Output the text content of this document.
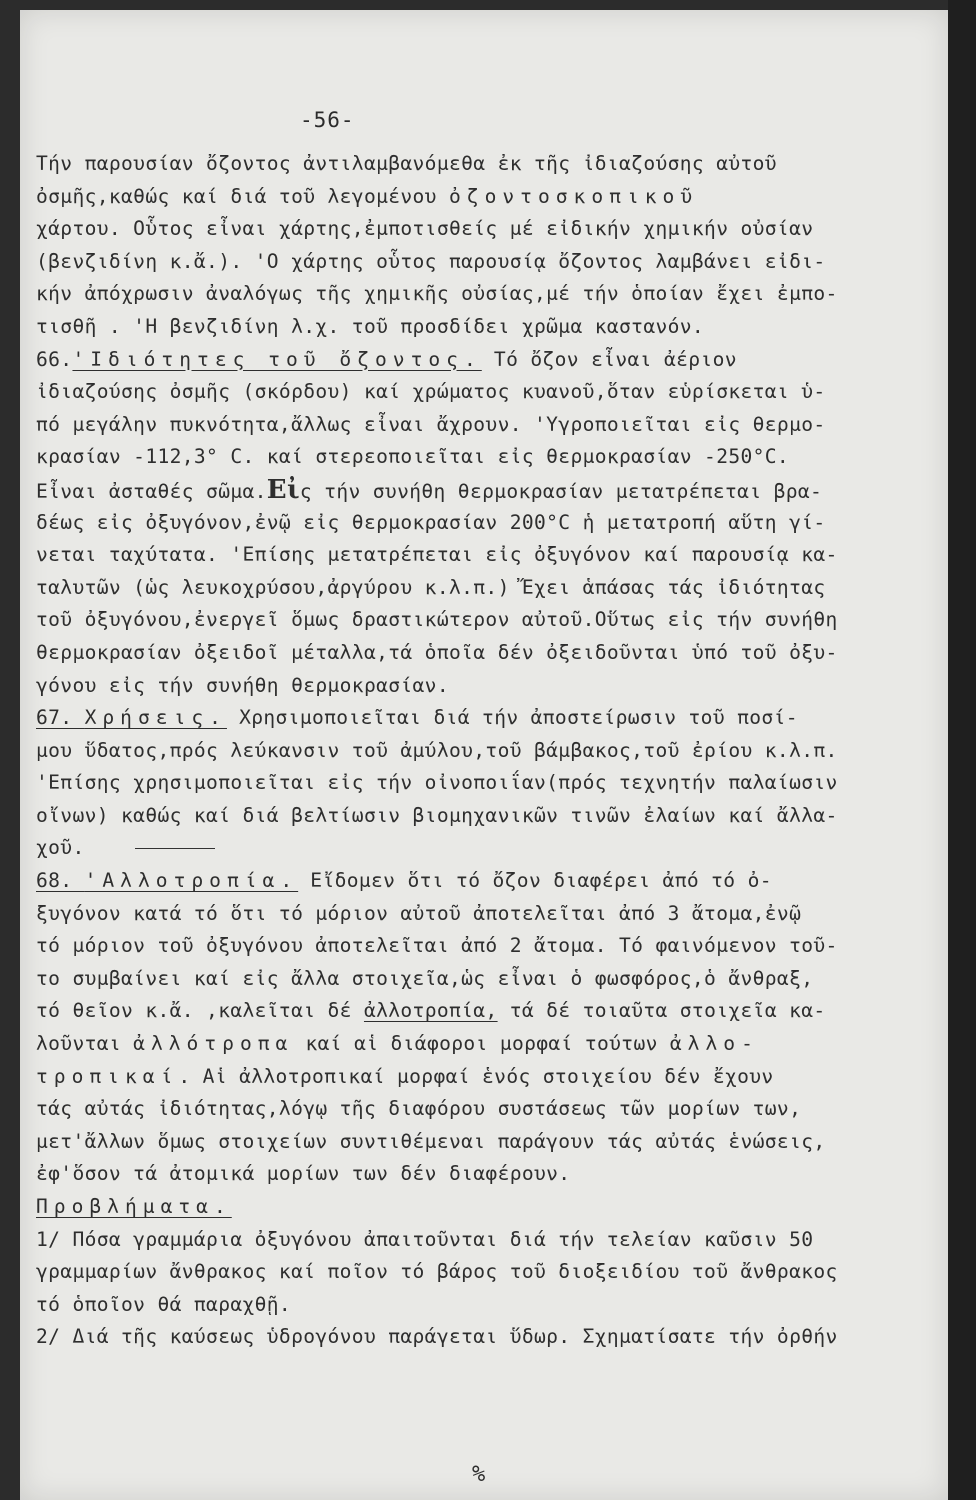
-56-
Τήν παρουσίαν ὄζοντος ἀντιλαμβανόμεθα ἐκ τῆς ἰδιαζούσης αὐτοῦ
ὀσμῆς,καθώς καί διά τοῦ λεγομένου ὀζοντοσκοπικοῦ
χάρτου. Οὗτος εἶναι χάρτης,ἐμποτισθείς μέ εἰδικήν χημικήν οὐσίαν
(βενζιδίνη κ.ἄ.). 'Ο χάρτης οὗτος παρουσίᾳ ὄζοντος λαμβάνει εἰδι-
κήν ἀπόχρωσιν ἀναλόγως τῆς χημικῆς οὐσίας,μέ τήν ὁποίαν ἔχει ἐμπο-
τισθῆ . 'Η βενζιδίνη λ.χ. τοῦ προσδίδει χρῶμα καστανόν.
66.'Ιδιότητες τοῦ ὄζοντος. Τό ὄζον εἶναι ἀέριον
ἰδιαζούσης ὀσμῆς (σκόρδου) καί χρώματος κυανοῦ,ὅταν εὑρίσκεται ὑ-
πό μεγάλην πυκνότητα,ἄλλως εἶναι ἄχρουν. 'Υγροποιεῖται εἰς θερμο-
κρασίαν -112,3° C. καί στερεοποιεῖται εἰς θερμοκρασίαν -250°C.
Εἶναι ἀσταθές σῶμα.Εἰς τήν συνήθη θερμοκρασίαν μετατρέπεται βρα-
δέως εἰς ὀξυγόνον,ἐνῷ εἰς θερμοκρασίαν 200°C ἡ μετατροπή αὕτη γί-
νεται ταχύτατα. 'Επίσης μετατρέπεται εἰς ὀξυγόνον καί παρουσίᾳ κα-
ταλυτῶν (ὡς λευκοχρύσου,ἀργύρου κ.λ.π.) Ἔχει ἁπάσας τάς ἰδιότητας
τοῦ ὀξυγόνου,ἐνεργεῖ ὅμως δραστικώτερον αὐτοῦ.Οὕτως εἰς τήν συνήθη
θερμοκρασίαν ὀξειδοῖ μέταλλα,τά ὁποῖα δέν ὀξειδοῦνται ὑπό τοῦ ὀξυ-
γόνου εἰς τήν συνήθη θερμοκρασίαν.
67. Χρήσεις. Χρησιμοποιεῖται διά τήν ἀποστείρωσιν τοῦ ποσί-
μου ὕδατος,πρός λεύκανσιν τοῦ ἀμύλου,τοῦ βάμβακος,τοῦ ἐρίου κ.λ.π.
'Επίσης χρησιμοποιεῖται εἰς τήν οἰνοποιΐαν(πρός τεχνητήν παλαίωσιν
οἴνων) καθώς καί διά βελτίωσιν βιομηχανικῶν τινῶν ἐλαίων καί ἄλλα-
χοῦ.
68. 'Αλλοτροπία. Εἴδομεν ὅτι τό ὄζον διαφέρει ἀπό τό ὀ-
ξυγόνον κατά τό ὅτι τό μόριον αὐτοῦ ἀποτελεῖται ἀπό 3 ἄτομα,ἐνῷ
τό μόριον τοῦ ὀξυγόνου ἀποτελεῖται ἀπό 2 ἄτομα. Τό φαινόμενον τοῦ-
το συμβαίνει καί εἰς ἄλλα στοιχεῖα,ὡς εἶναι ὁ φωσφόρος,ὁ ἄνθραξ,
τό θεῖον κ.ἄ. ,καλεῖται δέ ἀλλοτροπία, τά δέ τοιαῦτα στοιχεῖα κα-
λοῦνται ἀλλότροπα καί αἱ διάφοροι μορφαί τούτων ἀλλο-
τροπικαί. Αἱ ἀλλοτροπικαί μορφαί ἑνός στοιχείου δέν ἔχουν
τάς αὐτάς ἰδιότητας,λόγῳ τῆς διαφόρου συστάσεως τῶν μορίων των,
μετ'ἄλλων ὅμως στοιχείων συντιθέμεναι παράγουν τάς αὐτάς ἑνώσεις,
ἐφ'ὅσον τά ἀτομικά μορίων των δέν διαφέρουν.
Προβλήματα.
1/ Πόσα γραμμάρια ὀξυγόνου ἀπαιτοῦνται διά τήν τελείαν καῦσιν 50
γραμμαρίων ἄνθρακος καί ποῖον τό βάρος τοῦ διοξειδίου τοῦ ἄνθρακος
τό ὁποῖον θά παραχθῇ.
2/ Διά τῆς καύσεως ὑδρογόνου παράγεται ὕδωρ. Σχηματίσατε τήν ὀρθήν
%
